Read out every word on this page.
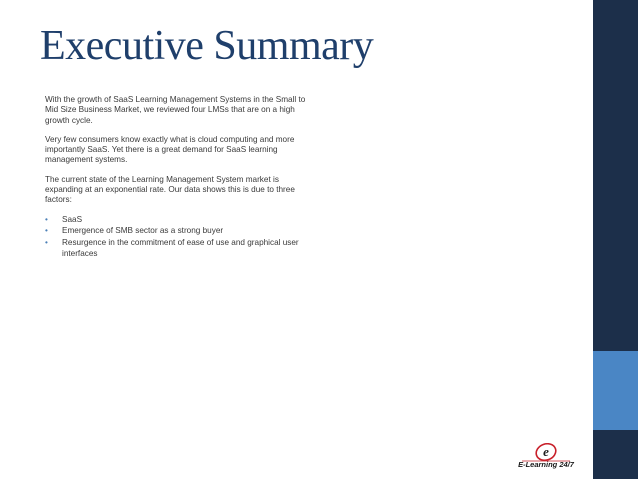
Executive Summary

With the growth of SaaS Learning Management Systems in the Small to Mid Size Business Market, we reviewed four LMSs that are on a high growth cycle.

Very few consumers know exactly what is cloud computing and more importantly SaaS. Yet there is a great demand for SaaS learning management systems.

The current state of the Learning Management System market is expanding at an exponential rate. Our data shows this is due to three factors:

• SaaS
• Emergence of SMB sector as a strong buyer
• Resurgence in the commitment of ease of use and graphical user interfaces
e
E-Learning 24/7
